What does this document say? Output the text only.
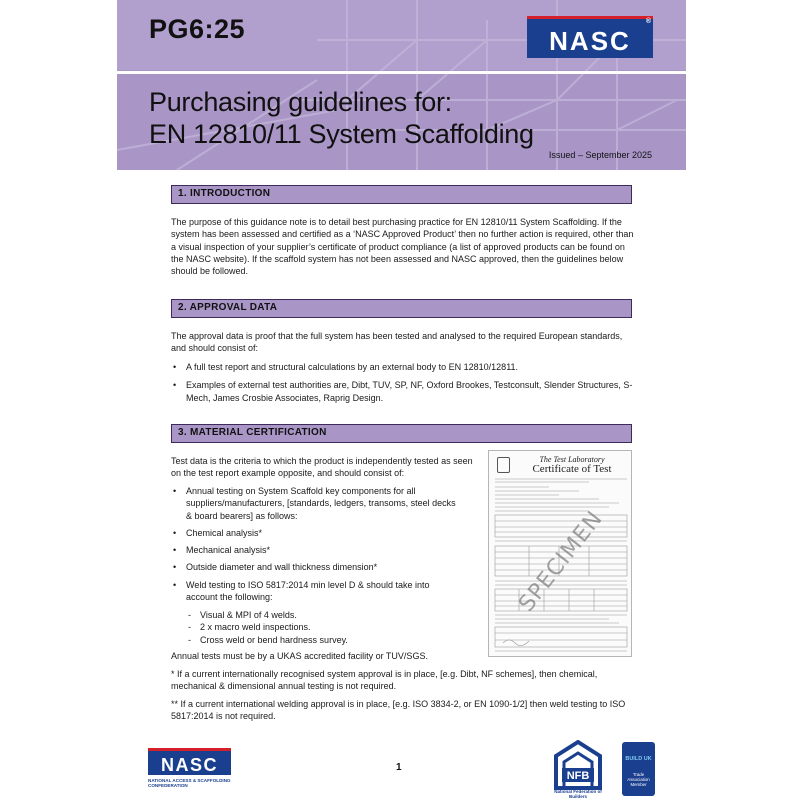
PG6:25	NASC
®
Purchasing guidelines for:
EN 12810/11 System Scaffolding
Issued – September 2025
1. INTRODUCTION
The purpose of this guidance note is to detail best purchasing practice for EN 12810/11 System Scaffolding. If the system has been assessed and certified as a ‘NASC Approved Product’ then no further action is required, other than a visual inspection of your supplier’s certificate of product compliance (a list of approved products can be found on the NASC website). If the scaffold system has not been assessed and NASC approved, then the guidelines below should be followed.
2. APPROVAL DATA
The approval data is proof that the full system has been tested and analysed to the required European standards, and should consist of:
• A full test report and structural calculations by an external body to EN 12810/12811.
• Examples of external test authorities are, Dibt, TUV, SP, NF, Oxford Brookes, Testconsult, Slender Structures, S-Mech, James Crosbie Associates, Raprig Design.
3. MATERIAL CERTIFICATION
Test data is the criteria to which the product is independently tested as seen on the test report example opposite, and should consist of:
• Annual testing on System Scaffold key components for all suppliers/manufacturers, [standards, ledgers, transoms, steel decks & board bearers] as follows:
• Chemical analysis*
• Mechanical analysis*
• Outside diameter and wall thickness dimension*
• Weld testing to ISO 5817:2014 min level D & should take into account the following:
- Visual & MPI of 4 welds.
- 2 x macro weld inspections.
- Cross weld or bend hardness survey.
Annual tests must be by a UKAS accredited facility or TUV/SGS.
* If a current internationally recognised system approval is in place, [e.g. Dibt, NF schemes], then chemical, mechanical & dimensional annual testing is not required.
** If a current international welding approval is in place, [e.g. ISO 3834-2, or EN 1090-1/2] then weld testing to ISO 5817:2014 is not required.
The Test Laboratory
Certificate of Test
SPECIMEN
NASC
NATIONAL ACCESS & SCAFFOLDING CONFEDERATION
1
NFB
National Federation of Builders
BUILD UK
Trade Association Member
